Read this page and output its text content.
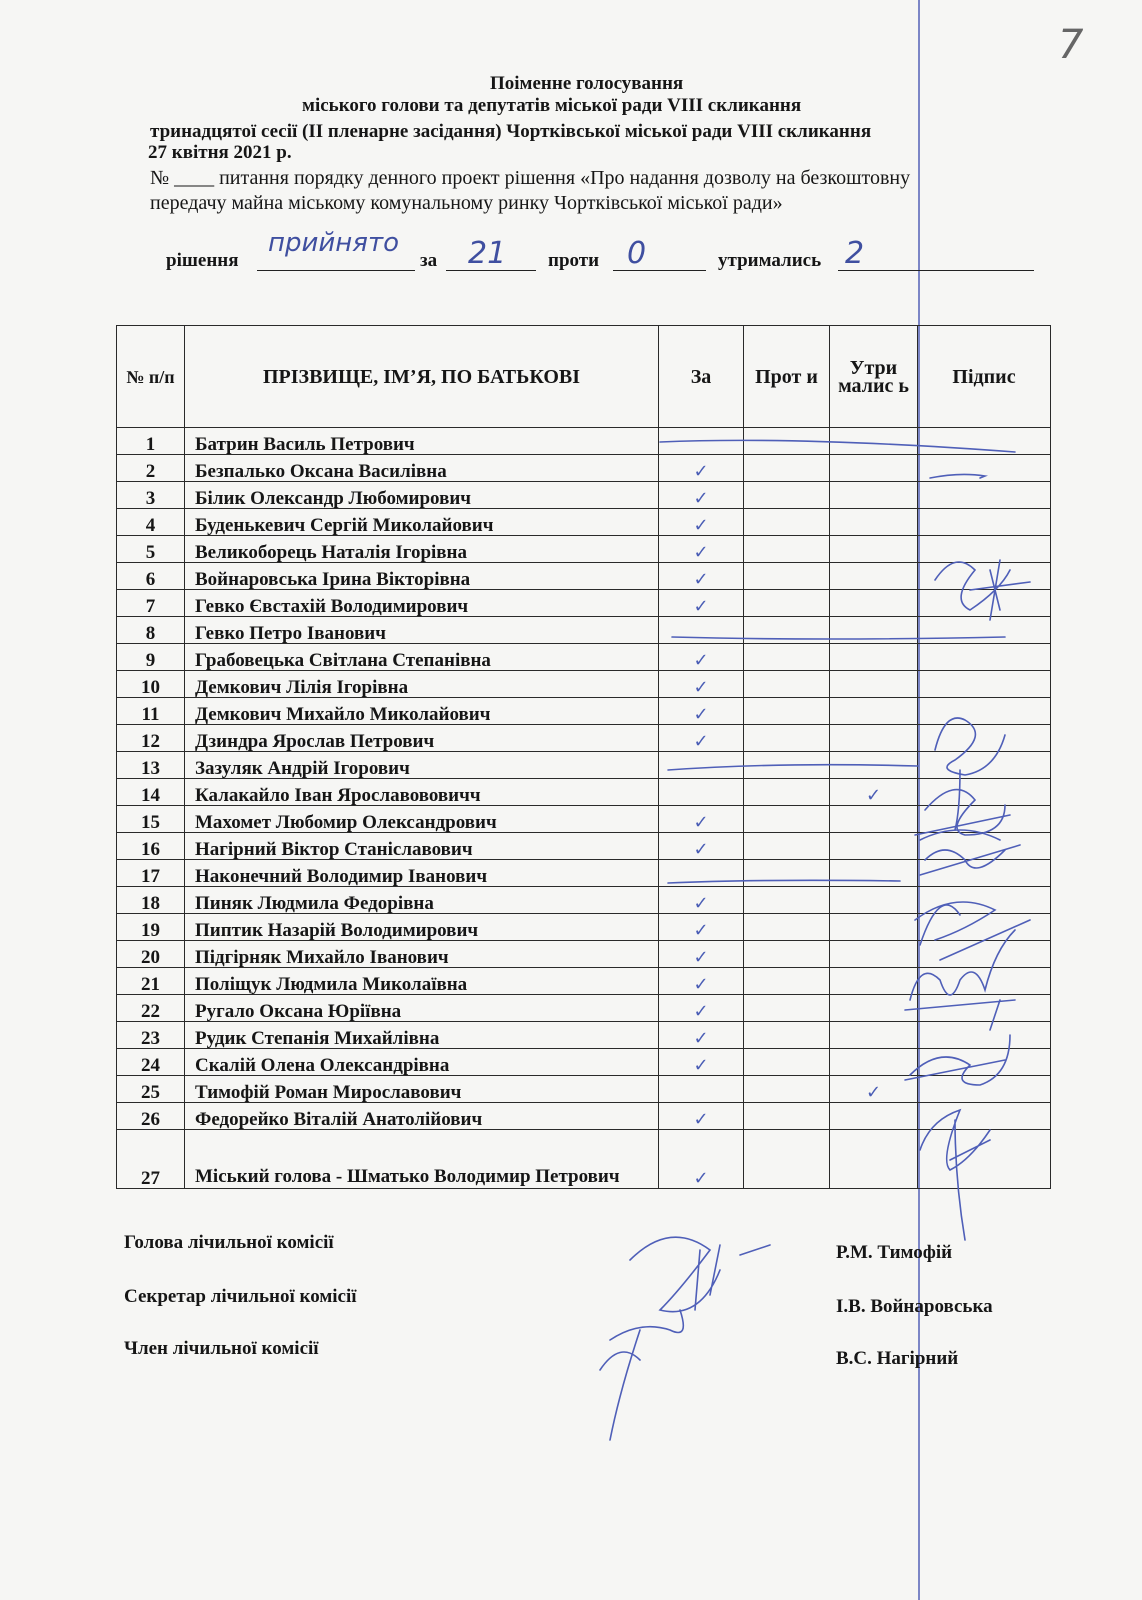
7
Поіменне голосування
міського голови та депутатів міської ради VIII скликання
тринадцятої сесії (ІІ пленарне засідання) Чортківської міської ради VIII скликання
27 квітня 2021 р.
№ ____ питання порядку денного проект рішення «Про надання дозволу на безкоштовну
передачу майна міському комунальному ринку Чортківської міської ради»
рішення
прийнято
за 21 проти 0	утримались 2
№ п/п	ПРІЗВИЩЕ, ІМ’Я, ПО БАТЬКОВІ	За	Прот и	Утри малис ь	Підпис
1	Батрин Василь Петрович				
2	Безпалько Оксана Василівна	✓			
3	Білик Олександр Любомирович	✓			
4	Буденькевич Сергій Миколайович	✓			
5	Великоборець Наталія Ігорівна	✓			
6	Войнаровська Ірина Вікторівна	✓			
7	Гевко Євстахій Володимирович	✓			
8	Гевко Петро Іванович				
9	Грабовецька Світлана Степанівна	✓			
10	Демкович Лілія Ігорівна	✓			
11	Демкович Михайло Миколайович	✓			
12	Дзиндра Ярослав Петрович	✓			
13	Зазуляк Андрій Ігорович				
14	Калакайло Іван Ярославововичч			✓	
15	Махомет Любомир Олександрович	✓			
16	Нагірний Віктор Станіславович	✓			
17	Наконечний Володимир Іванович				
18	Пиняк Людмила Федорівна	✓			
19	Пиптик Назарій Володимирович	✓			
20	Підгірняк Михайло Іванович	✓			
21	Поліщук Людмила Миколаївна	✓			
22	Ругало Оксана Юріївна	✓			
23	Рудик Степанія Михайлівна	✓			
24	Скалій Олена Олександрівна	✓			
25	Тимофій Роман Мирославович			✓	
26	Федорейко Віталій Анатолійович	✓			
27	Міський голова - Шматько Володимир Петрович	✓			
Голова лічильної комісії	Р.М. Тимофій
Секретар лічильної комісії	І.В. Войнаровська
Член лічильної комісії	В.С. Нагірний
